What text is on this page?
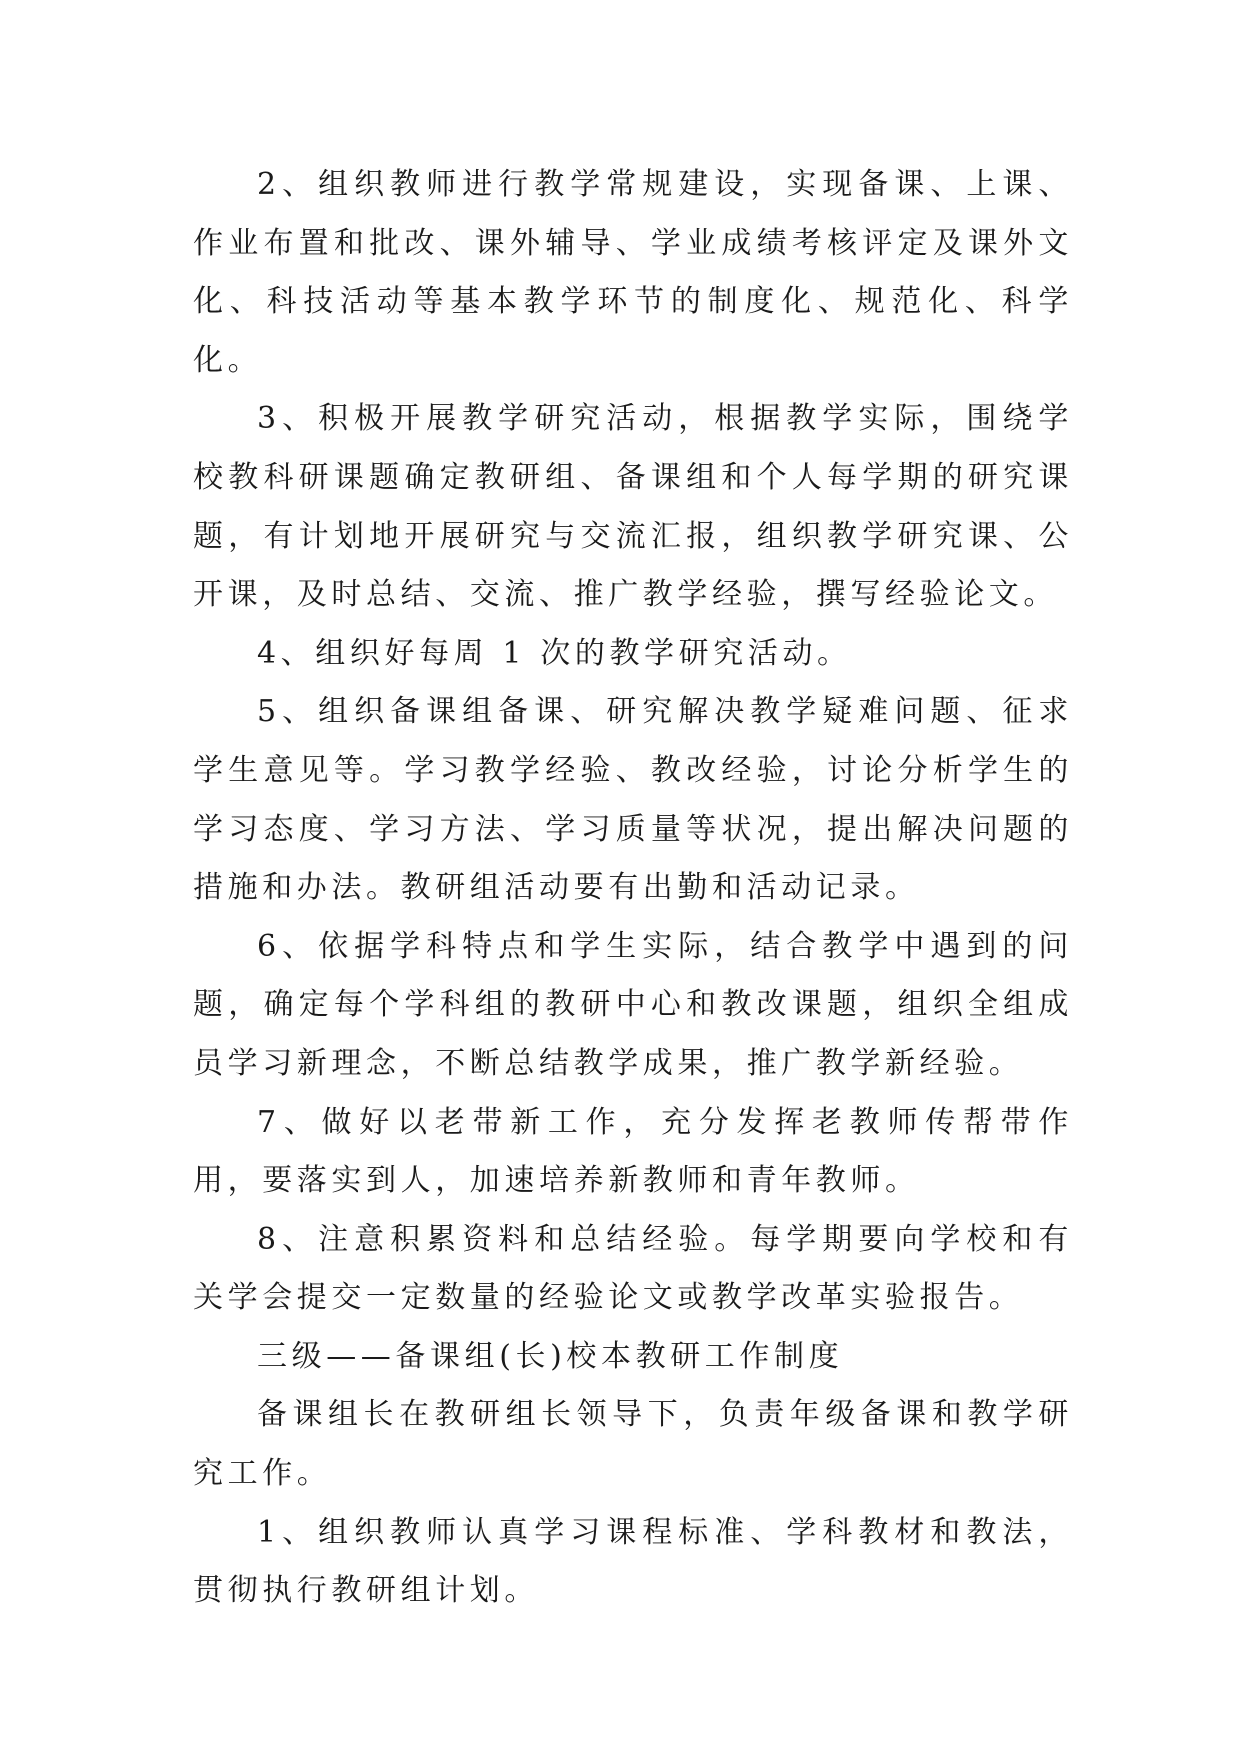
2、组织教师进行教学常规建设，实现备课、上课、作业布置和批改、课外辅导、学业成绩考核评定及课外文化、科技活动等基本教学环节的制度化、规范化、科学化。

3、积极开展教学研究活动，根据教学实际，围绕学校教科研课题确定教研组、备课组和个人每学期的研究课题，有计划地开展研究与交流汇报，组织教学研究课、公开课，及时总结、交流、推广教学经验，撰写经验论文。

4、组织好每周 1 次的教学研究活动。

5、组织备课组备课、研究解决教学疑难问题、征求学生意见等。学习教学经验、教改经验，讨论分析学生的学习态度、学习方法、学习质量等状况，提出解决问题的措施和办法。教研组活动要有出勤和活动记录。

6、依据学科特点和学生实际，结合教学中遇到的问题，确定每个学科组的教研中心和教改课题，组织全组成员学习新理念，不断总结教学成果，推广教学新经验。

7、做好以老带新工作，充分发挥老教师传帮带作用，要落实到人，加速培养新教师和青年教师。

8、注意积累资料和总结经验。每学期要向学校和有关学会提交一定数量的经验论文或教学改革实验报告。

三级——备课组(长)校本教研工作制度

备课组长在教研组长领导下，负责年级备课和教学研究工作。

1、组织教师认真学习课程标准、学科教材和教法，贯彻执行教研组计划。
